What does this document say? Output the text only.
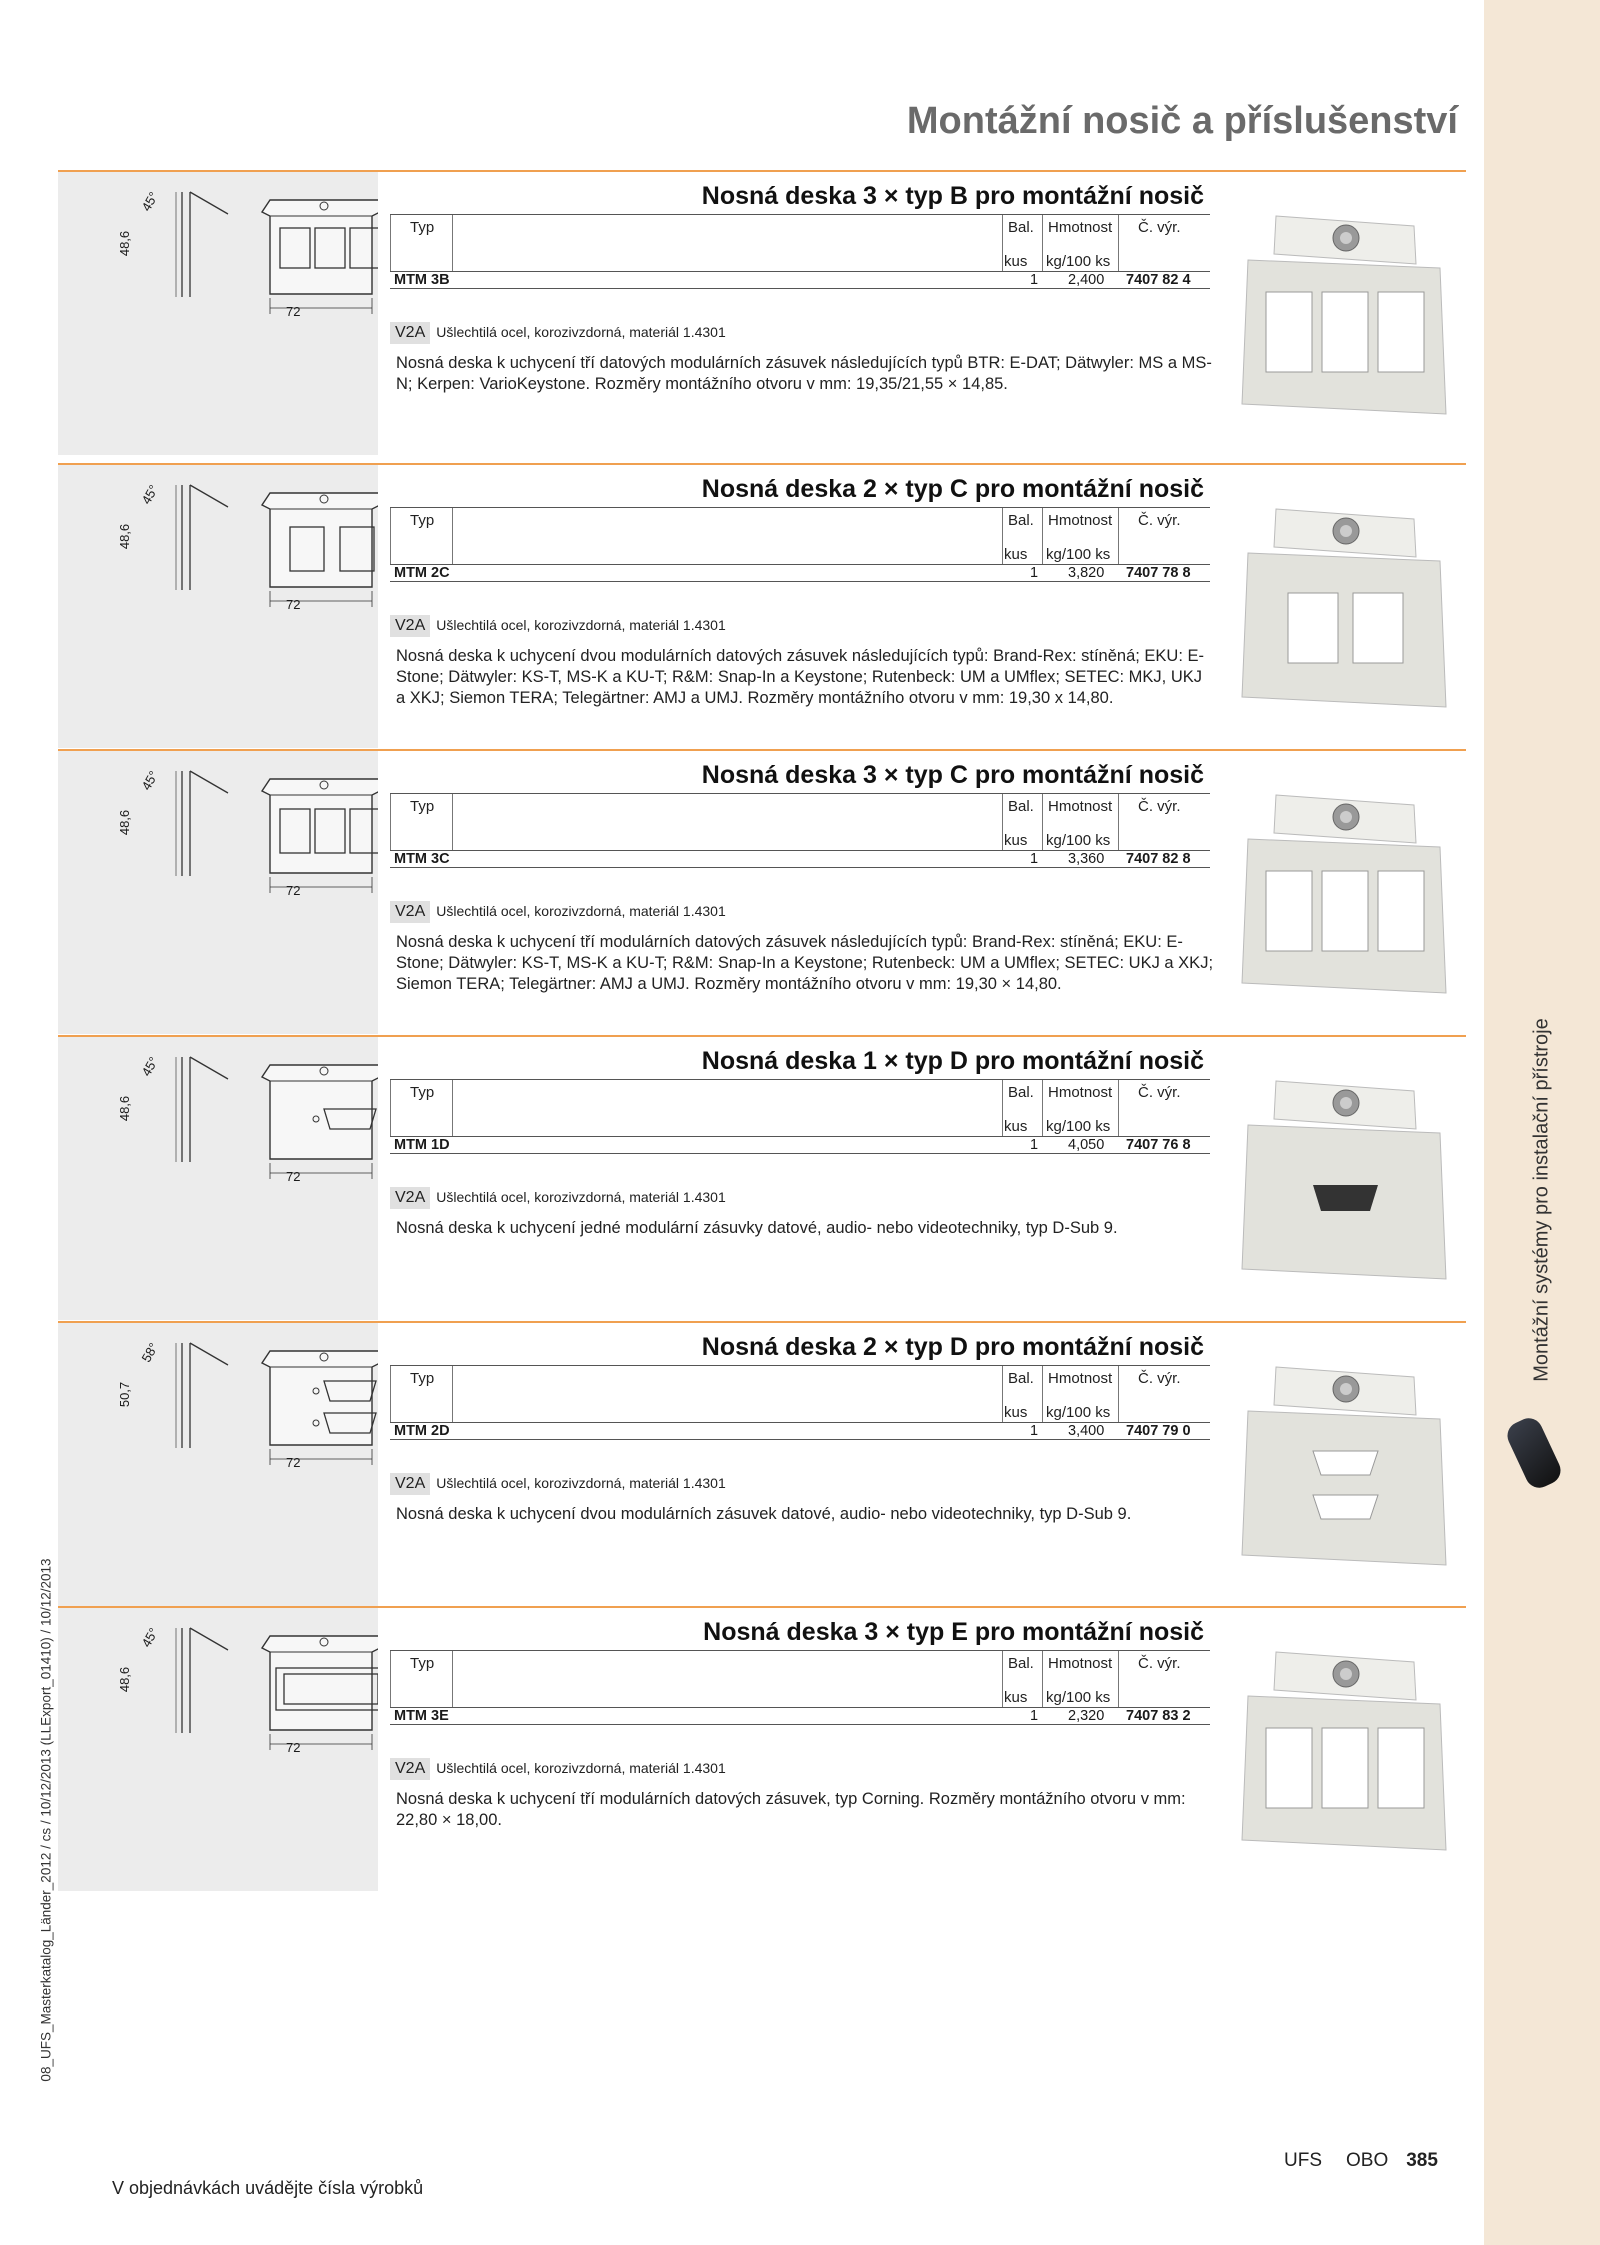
Montážní systémy pro instalační přístroje
Montážní nosič a příslušenství
08_UFS_Masterkatalog_Länder_2012 / cs / 10/12/2013 (LLExport_01410) / 10/12/2013
48,6
45°
72
Nosná deska 3 × typ B pro montážní nosič
Typ	Bal. Hmotnost Č. výr.
kus kg/100 ks
MTM 3B	1 2,400 7407 82 4
V2A Ušlechtilá ocel, korozivzdorná, materiál 1.4301
Nosná deska k uchycení tří datových modulárních zásuvek následujících typů BTR: E-DAT; Dätwyler: MS a MS-N; Kerpen: VarioKeystone. Rozměry montážního otvoru v mm: 19,35/21,55 × 14,85.
48,6
45°
72
Nosná deska 2 × typ C pro montážní nosič
Typ	Bal. Hmotnost Č. výr.
kus kg/100 ks
MTM 2C	1 3,820 7407 78 8
V2A Ušlechtilá ocel, korozivzdorná, materiál 1.4301
Nosná deska k uchycení dvou modulárních datových zásuvek následujících typů: Brand-Rex: stíněná; EKU: E-Stone; Dätwyler: KS-T, MS-K a KU-T; R&M: Snap-In a Keystone; Rutenbeck: UM a UMflex; SETEC: MKJ, UKJ a XKJ; Siemon TERA; Telegärtner: AMJ a UMJ. Rozměry montážního otvoru v mm: 19,30 x 14,80.
48,6
45°
72
Nosná deska 3 × typ C pro montážní nosič
Typ	Bal. Hmotnost Č. výr.
kus kg/100 ks
MTM 3C	1 3,360 7407 82 8
V2A Ušlechtilá ocel, korozivzdorná, materiál 1.4301
Nosná deska k uchycení tří modulárních datových zásuvek následujících typů: Brand-Rex: stíněná; EKU: E-Stone; Dätwyler: KS-T, MS-K a KU-T; R&M: Snap-In a Keystone; Rutenbeck: UM a UMflex; SETEC: UKJ a XKJ; Siemon TERA; Telegärtner: AMJ a UMJ. Rozměry montážního otvoru v mm: 19,30 × 14,80.
48,6
45°
72
Nosná deska 1 × typ D pro montážní nosič
Typ	Bal. Hmotnost Č. výr.
kus kg/100 ks
MTM 1D	1 4,050 7407 76 8
V2A Ušlechtilá ocel, korozivzdorná, materiál 1.4301
Nosná deska k uchycení jedné modulární zásuvky datové, audio- nebo videotechniky, typ D-Sub 9.
50,7
58°
72
Nosná deska 2 × typ D pro montážní nosič
Typ	Bal. Hmotnost Č. výr.
kus kg/100 ks
MTM 2D	1 3,400 7407 79 0
V2A Ušlechtilá ocel, korozivzdorná, materiál 1.4301
Nosná deska k uchycení dvou modulárních zásuvek datové, audio- nebo videotechniky, typ D-Sub 9.
48,6
45°
72
Nosná deska 3 × typ E pro montážní nosič
Typ	Bal. Hmotnost Č. výr.
kus kg/100 ks
MTM 3E	1 2,320 7407 83 2
V2A Ušlechtilá ocel, korozivzdorná, materiál 1.4301
Nosná deska k uchycení tří modulárních datových zásuvek, typ Corning. Rozměry montážního otvoru v mm: 22,80 × 18,00.
V objednávkách uvádějte čísla výrobků
UFS OBO 385
